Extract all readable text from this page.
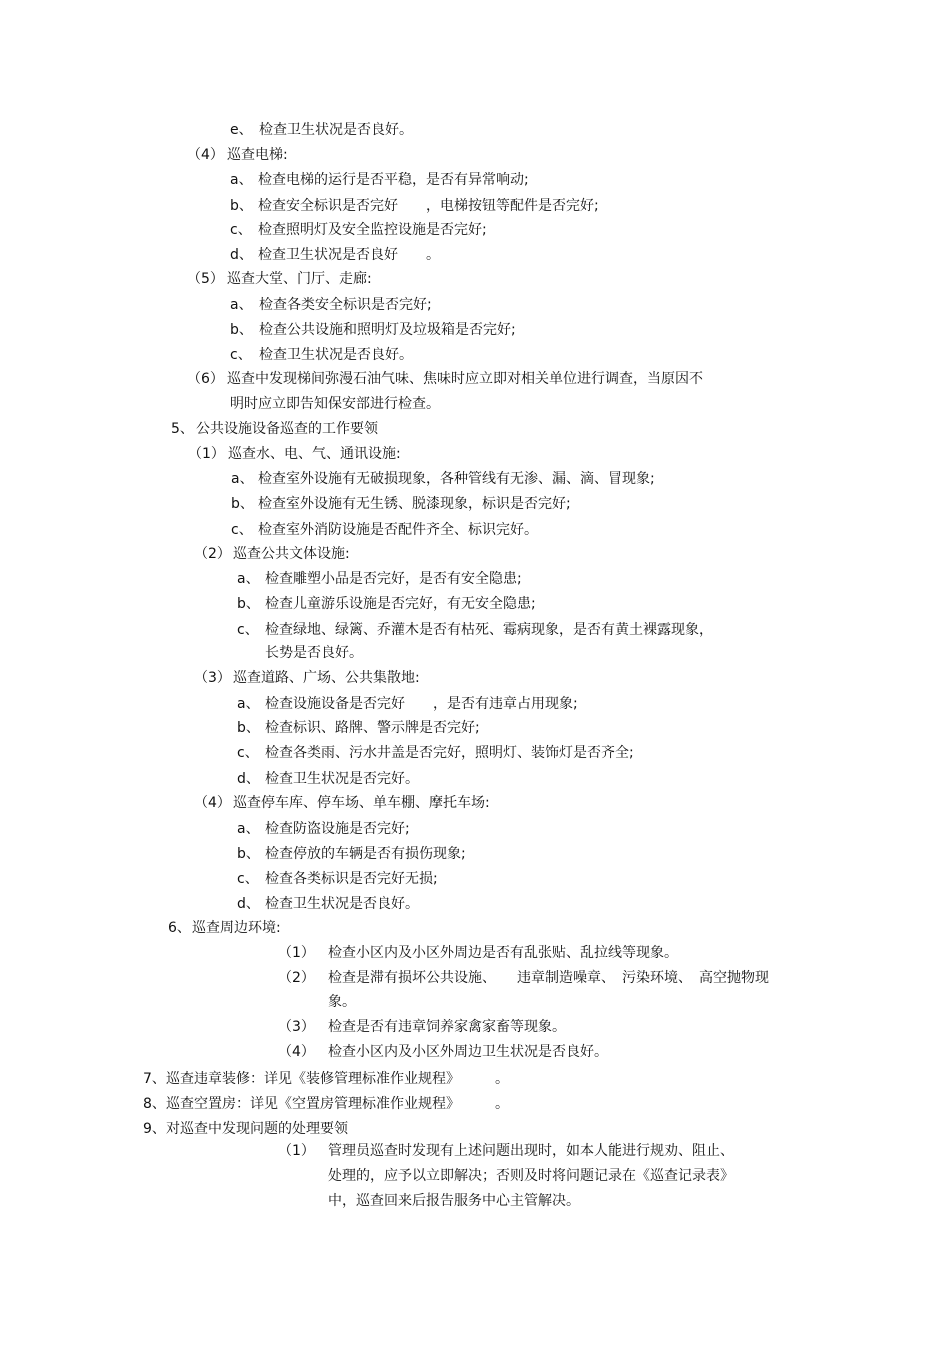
e、 检查卫生状况是否良好。
（4） 巡查电梯:
a、 检查电梯的运行是否平稳，是否有异常响动;
b、 检查安全标识是否完好　　，电梯按钮等配件是否完好;
c、 检查照明灯及安全监控设施是否完好;
d、 检查卫生状况是否良好　　。
（5） 巡查大堂、门厅、走廊:
a、 检查各类安全标识是否完好;
b、 检查公共设施和照明灯及垃圾箱是否完好;
c、 检查卫生状况是否良好。
（6） 巡查中发现梯间弥漫石油气味、焦味时应立即对相关单位进行调查，当原因不
明时应立即告知保安部进行检查。
5、 公共设施设备巡查的工作要领
（1） 巡查水、电、气、通讯设施:
a、 检查室外设施有无破损现象，各种管线有无渗、漏、滴、冒现象;
b、 检查室外设施有无生锈、脱漆现象，标识是否完好;
c、 检查室外消防设施是否配件齐全、标识完好。
（2） 巡查公共文体设施:
a、 检查雕塑小品是否完好，是否有安全隐患;
b、 检查儿童游乐设施是否完好，有无安全隐患;
c、 检查绿地、绿篱、乔灌木是否有枯死、霉病现象，是否有黄土裸露现象，
长势是否良好。
（3） 巡查道路、广场、公共集散地:
a、 检查设施设备是否完好　　，是否有违章占用现象;
b、 检查标识、路牌、警示牌是否完好;
c、 检查各类雨、污水井盖是否完好，照明灯、装饰灯是否齐全;
d、 检查卫生状况是否完好。
（4） 巡查停车库、停车场、单车棚、摩托车场:
a、 检查防盗设施是否完好;
b、 检查停放的车辆是否有损伤现象;
c、 检查各类标识是否完好无损;
d、 检查卫生状况是否良好。
6、 巡查周边环境:
（1） 检查小区内及小区外周边是否有乱张贴、乱拉线等现象。
（2） 检查是滞有损坏公共设施、　　违章制造噪章、　污染环境、　高空抛物现
象。
（3） 检查是否有违章饲养家禽家畜等现象。
（4） 检查小区内及小区外周边卫生状况是否良好。
7、 巡查违章装修：详见《装修管理标准作业规程》　　　。
8、 巡查空置房：详见《空置房管理标准作业规程》　　　。
9、 对巡查中发现问题的处理要领
（1） 管理员巡查时发现有上述问题出现时，如本人能进行规劝、阻止、
处理的，应予以立即解决；否则及时将问题记录在《巡查记录表》
中，巡查回来后报告服务中心主管解决。
